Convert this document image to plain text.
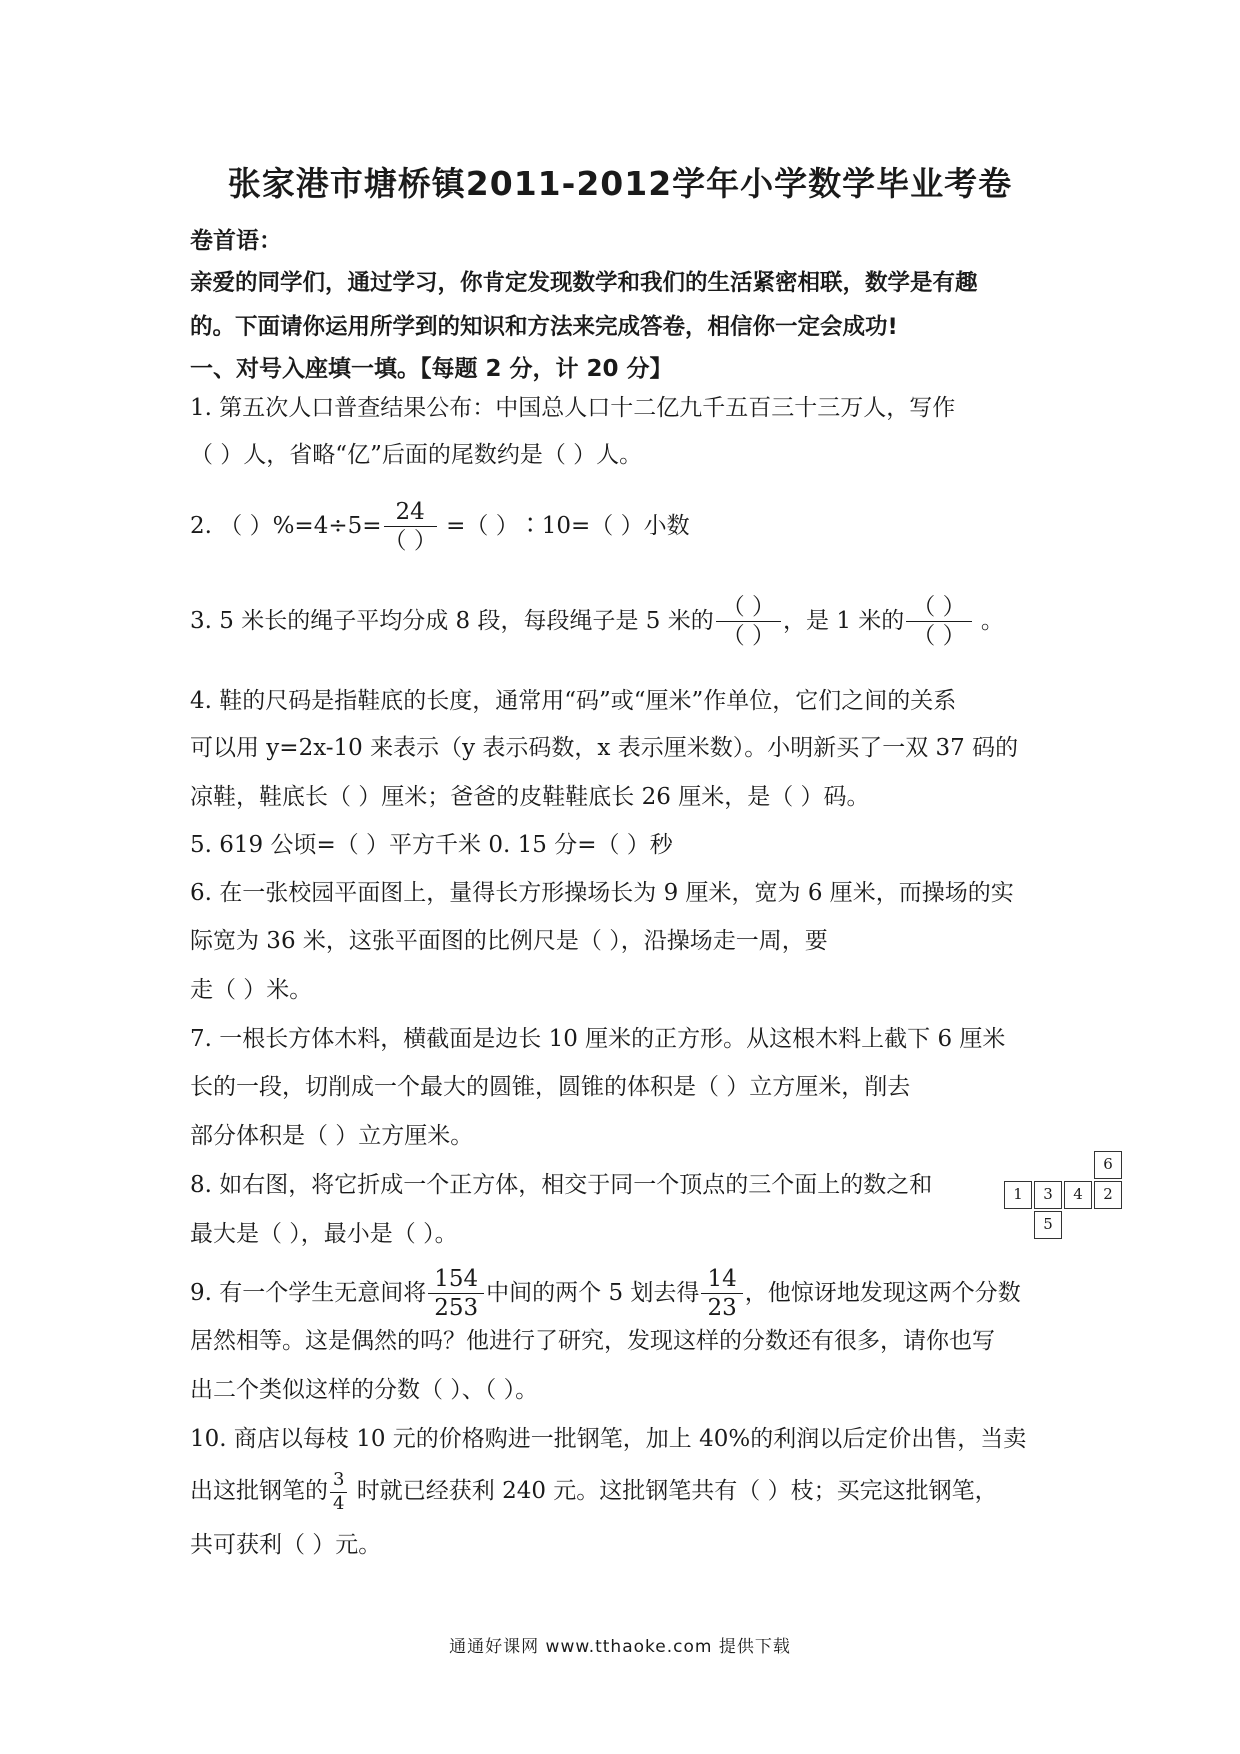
张家港市塘桥镇2011-2012学年小学数学毕业考卷
卷首语：
亲爱的同学们，通过学习，你肯定发现数学和我们的生活紧密相联，数学是有趣
的。下面请你运用所学到的知识和方法来完成答卷，相信你一定会成功!
一、对号入座填一填。【每题 2 分，计 20 分】
1. 第五次人口普查结果公布：中国总人口十二亿九千五百三十三万人，写作
（ ）人，省略“亿”后面的尾数约是（ ）人。
2. （ ）$\%=4\div 5= \frac{24}{( )}$ =（ ）∶10=（ ）小数
3. 5 米长的绳子平均分成 8 段，每段绳子是 5 米的 $\frac{( )}{( )}$ ，是 1 米的 $\frac{( )}{( )}$ 。
4. 鞋的尺码是指鞋底的长度，通常用“码”或“厘米”作单位，它们之间的关系
可以用 y=2x-10 来表示（y 表示码数，x 表示厘米数）。小明新买了一双 37 码的
凉鞋，鞋底长（ ）厘米；爸爸的皮鞋鞋底长 26 厘米，是（ ）码。
5. 619 公顷=（ ）平方千米 0. 15 分=（ ）秒
6. 在一张校园平面图上，量得长方形操场长为 9 厘米，宽为 6 厘米，而操场的实
际宽为 36 米，这张平面图的比例尺是（ ），沿操场走一周，要
走（ ）米。
7. 一根长方体木料，横截面是边长 10 厘米的正方形。从这根木料上截下 6 厘米
长的一段，切削成一个最大的圆锥，圆锥的体积是（ ）立方厘米，削去
部分体积是（ ）立方厘米。
8. 如右图，将它折成一个正方体，相交于同一个顶点的三个面上的数之和
最大是（ ），最小是（ ）。
1	3	4	2
6
5
9. 有一个学生无意间将 $\frac{154}{253}$ 中间的两个 5 划去得 $\frac{14}{23}$ ，他惊讶地发现这两个分数
居然相等。这是偶然的吗？他进行了研究，发现这样的分数还有很多，请你也写
出二个类似这样的分数（ ）、（ ）。
10. 商店以每枝 10 元的价格购进一批钢笔，加上 40%的利润以后定价出售，当卖
出这批钢笔的 $\frac{3}{4}$ 时就已经获利 240 元。这批钢笔共有（ ）枝；买完这批钢笔，
共可获利（ ）元。
通通好课网 www.tthaoke.com 提供下载
